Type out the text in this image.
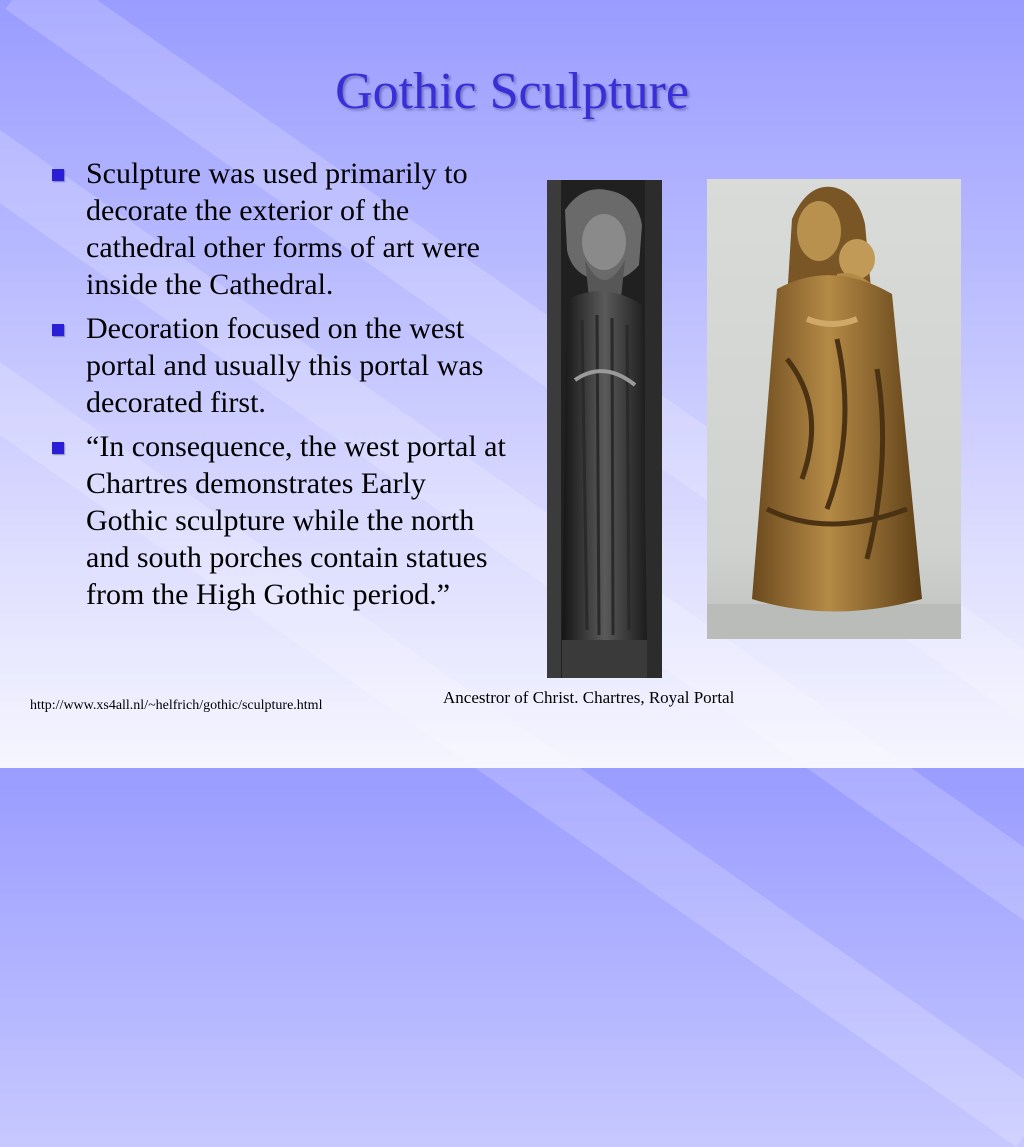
Gothic Sculpture
Sculpture was used primarily to decorate the exterior of the cathedral other forms of art were inside the Cathedral.
Decoration focused on the west portal and usually this portal was decorated first.
“In consequence, the west portal at Chartres demonstrates Early Gothic sculpture while the north and south porches contain statues from the High Gothic period.”
Ancestror of Christ. Chartres, Royal Portal
http://www.xs4all.nl/~helfrich/gothic/sculpture.html
